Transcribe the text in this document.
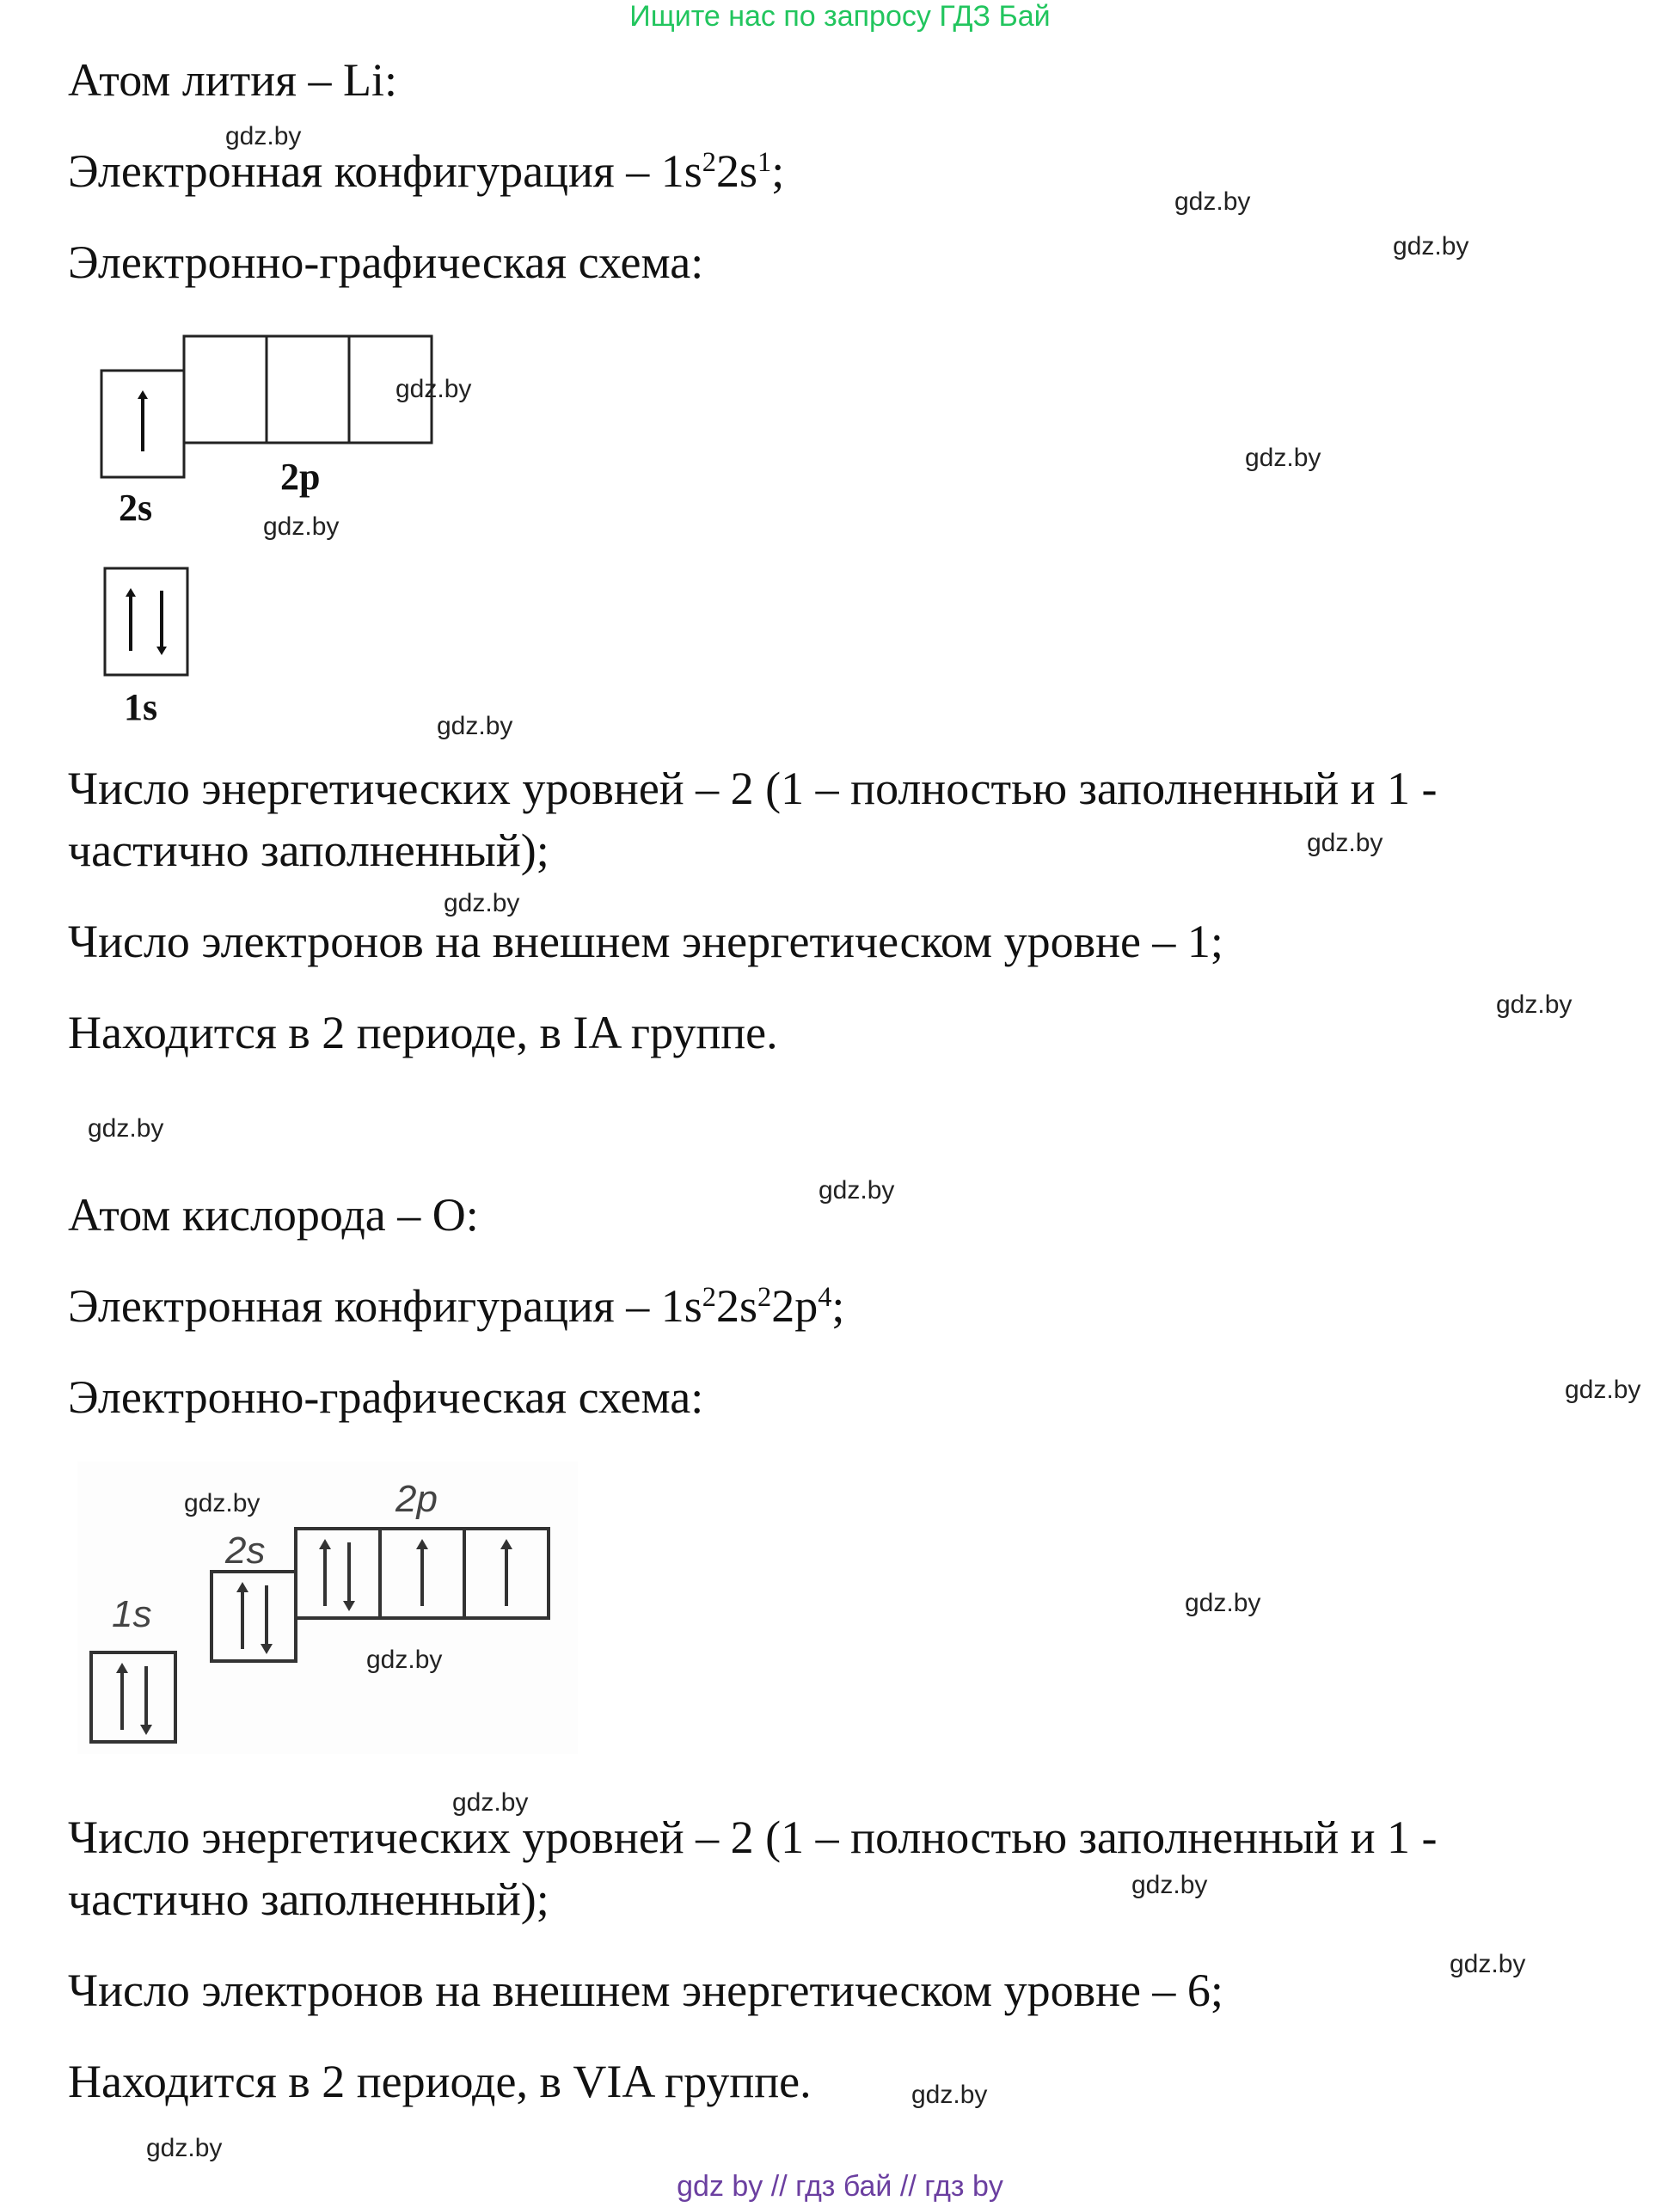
Ищите нас по запросу ГДЗ Бай
Атом лития – Li:
Электронная конфигурация – $1s^22s^1$;
Электронно-графическая схема:
2s
2p
1s
Число энергетических уровней – 2 (1 – полностью заполненный и 1 -
частично заполненный);
Число электронов на внешнем энергетическом уровне – 1;
Находится в 2 периоде, в IA группе.
Атом кислорода – O:
Электронная конфигурация – $1s^22s^22p^4$;
Электронно-графическая схема:
1s
2s
2p
Число энергетических уровней – 2 (1 – полностью заполненный и 1 -
частично заполненный);
Число электронов на внешнем энергетическом уровне – 6;
Находится в 2 периоде, в VIA группе.
gdz.by
gdz.by
gdz.by
gdz.by
gdz.by
gdz.by
gdz.by
gdz.by
gdz.by
gdz.by
gdz.by
gdz.by
gdz.by
gdz.by
gdz.by
gdz.by
gdz.by
gdz.by
gdz.by
gdz.by
gdz by // гдз бай // гдз by
gdz.by
